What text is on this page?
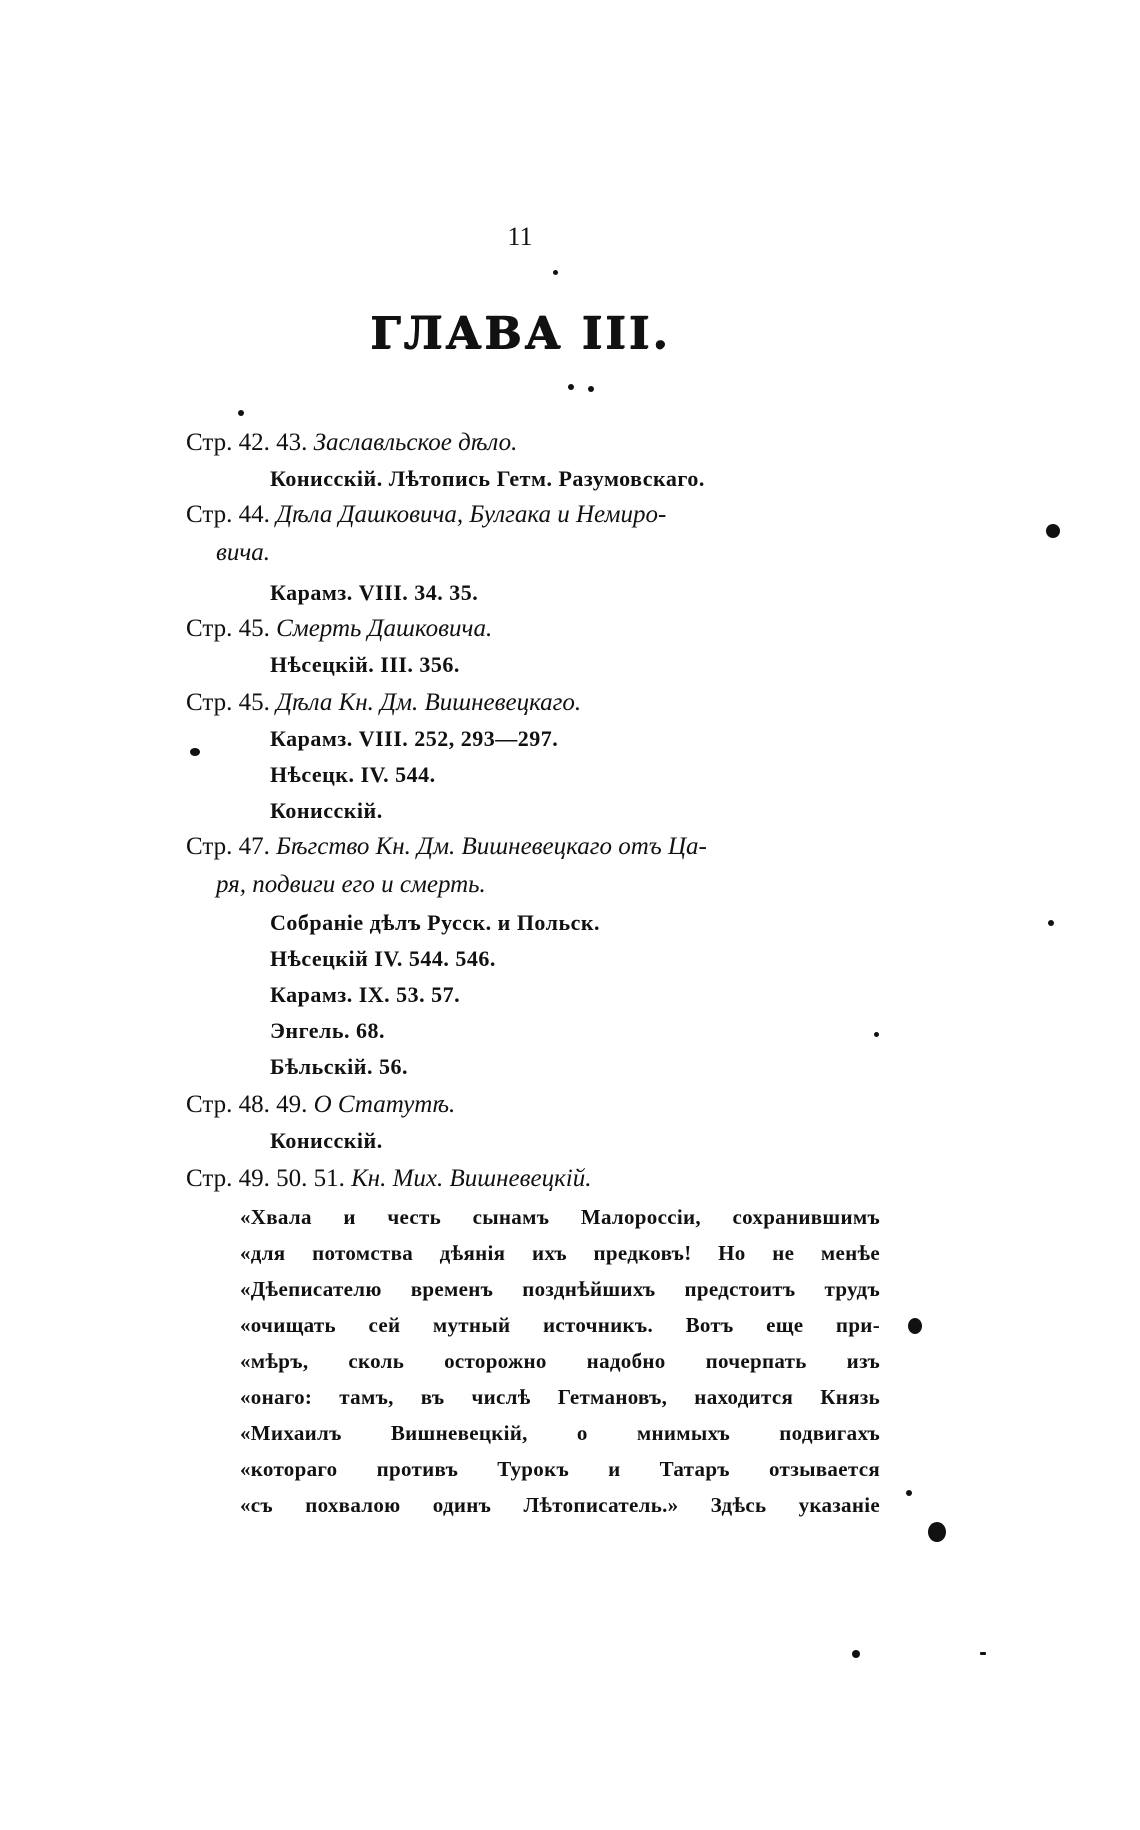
11
ГЛАВА III.
Стр. 42. 43. Заславльское дѣло.
Конисскій. Лѣтопись Гетм. Разумовскаго.
Стр. 44. Дѣла Дашковича, Булгака и Немиро-
вича.
Карамз. VIII. 34. 35.
Стр. 45. Смерть Дашковича.
Нѣсецкій. III. 356.
Стр. 45. Дѣла Кн. Дм. Вишневецкаго.
Карамз. VIII. 252, 293—297.
Нѣсецк. IV. 544.
Конисскій.
Стр. 47. Бѣгство Кн. Дм. Вишневецкаго отъ Ца-
ря, подвиги его и смерть.
Собраніе дѣлъ Русск. и Польск.
Нѣсецкій IV. 544. 546.
Карамз. IX. 53. 57.
Энгель. 68.
Бѣльскій. 56.
Стр. 48. 49. О Статутѣ.
Конисскій.
Стр. 49. 50. 51. Кн. Мих. Вишневецкій.
«Хвала и честь сынамъ Малороссіи, сохранившимъ
«для потомства дѣянія ихъ предковъ! Но не менѣе
«Дѣеписателю временъ позднѣйшихъ предстоитъ трудъ
«очищать сей мутный источникъ. Вотъ еще при-
«мѣръ, сколь осторожно надобно почерпать изъ
«онаго: тамъ, въ числѣ Гетмановъ, находится Князь
«Михаилъ Вишневецкій, о мнимыхъ подвигахъ
«котораго противъ Турокъ и Татаръ отзывается
«съ похвалою одинъ Лѣтописатель.» Здѣсь указаніе
